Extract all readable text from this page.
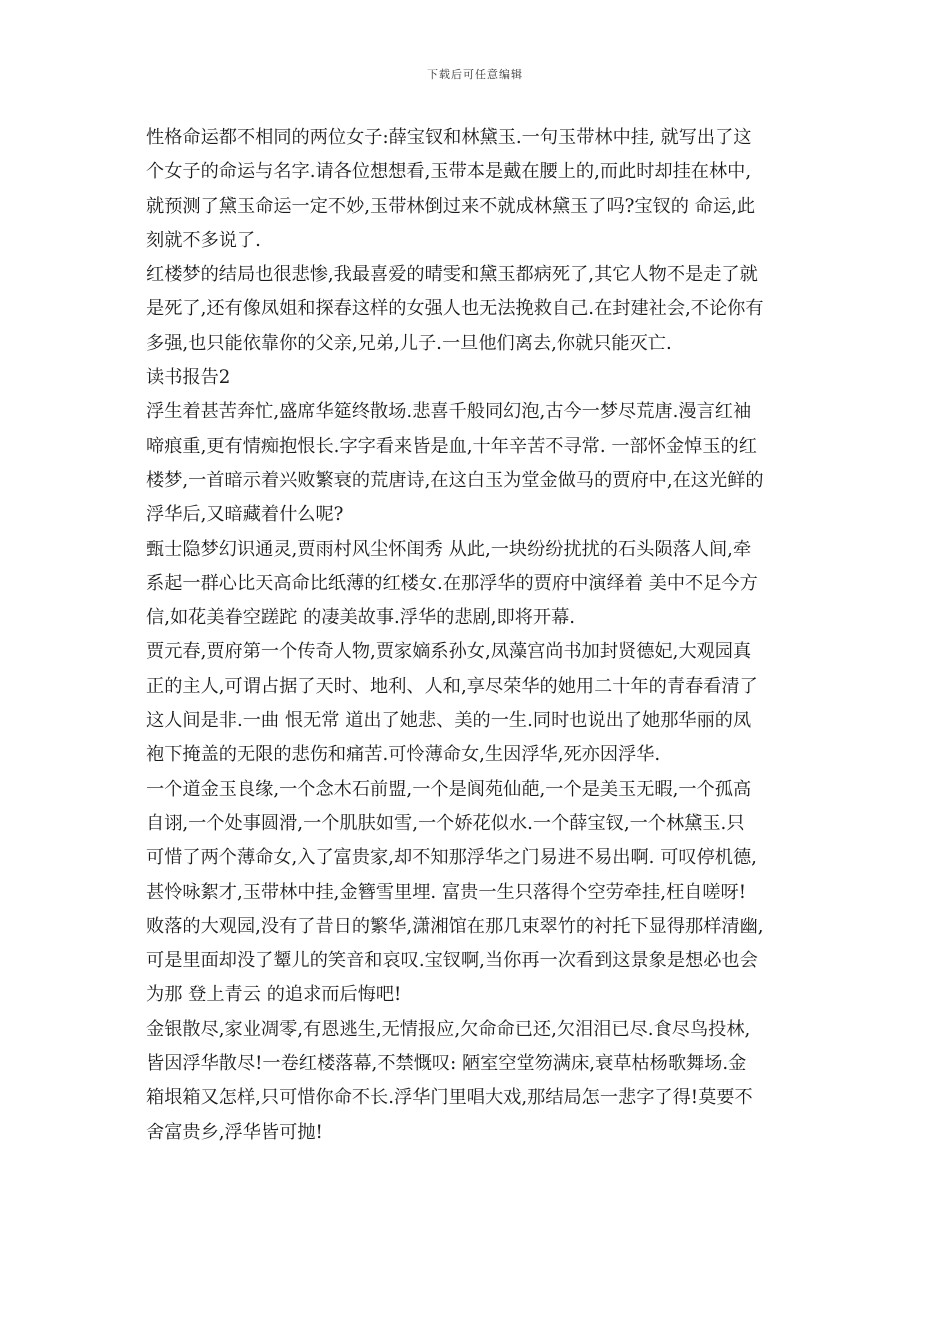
下载后可任意编辑
性格命运都不相同的两位女子:薛宝钗和林黛玉.一句玉带林中挂, 就写出了这
个女子的命运与名字.请各位想想看,玉带本是戴在腰上的,而此时却挂在林中,
就预测了黛玉命运一定不妙,玉带林倒过来不就成林黛玉了吗?宝钗的 命运,此
刻就不多说了.
红楼梦的结局也很悲惨,我最喜爱的晴雯和黛玉都病死了,其它人物不是走了就
是死了,还有像凤姐和探春这样的女强人也无法挽救自己.在封建社会,不论你有
多强,也只能依靠你的父亲,兄弟,儿子.一旦他们离去,你就只能灭亡.
读书报告2
浮生着甚苦奔忙,盛席华筵终散场.悲喜千般同幻泡,古今一梦尽荒唐.漫言红袖
啼痕重,更有情痴抱恨长.字字看来皆是血,十年辛苦不寻常. 一部怀金悼玉的红
楼梦,一首暗示着兴败繁衰的荒唐诗,在这白玉为堂金做马的贾府中,在这光鲜的
浮华后,又暗藏着什么呢?
甄士隐梦幻识通灵,贾雨村风尘怀闺秀 从此,一块纷纷扰扰的石头陨落人间,牵
系起一群心比天高命比纸薄的红楼女.在那浮华的贾府中演绎着 美中不足今方
信,如花美眷空蹉跎 的凄美故事.浮华的悲剧,即将开幕.
贾元春,贾府第一个传奇人物,贾家嫡系孙女,凤藻宫尚书加封贤德妃,大观园真
正的主人,可谓占据了天时、地利、人和,享尽荣华的她用二十年的青春看清了
这人间是非.一曲 恨无常 道出了她悲、美的一生.同时也说出了她那华丽的凤
袍下掩盖的无限的悲伤和痛苦.可怜薄命女,生因浮华,死亦因浮华.
一个道金玉良缘,一个念木石前盟,一个是阆苑仙葩,一个是美玉无暇,一个孤高
自诩,一个处事圆滑,一个肌肤如雪,一个娇花似水.一个薛宝钗,一个林黛玉.只
可惜了两个薄命女,入了富贵家,却不知那浮华之门易进不易出啊. 可叹停机德,
甚怜咏絮才,玉带林中挂,金簪雪里埋. 富贵一生只落得个空劳牵挂,枉自嗟呀!
败落的大观园,没有了昔日的繁华,潇湘馆在那几束翠竹的衬托下显得那样清幽,
可是里面却没了颦儿的笑音和哀叹.宝钗啊,当你再一次看到这景象是想必也会
为那 登上青云 的追求而后悔吧!
金银散尽,家业凋零,有恩逃生,无情报应,欠命命已还,欠泪泪已尽.食尽鸟投林,
皆因浮华散尽!一卷红楼落幕,不禁慨叹: 陋室空堂笏满床,衰草枯杨歌舞场.金
箱垠箱又怎样,只可惜你命不长.浮华门里唱大戏,那结局怎一悲字了得!莫要不
舍富贵乡,浮华皆可抛!
